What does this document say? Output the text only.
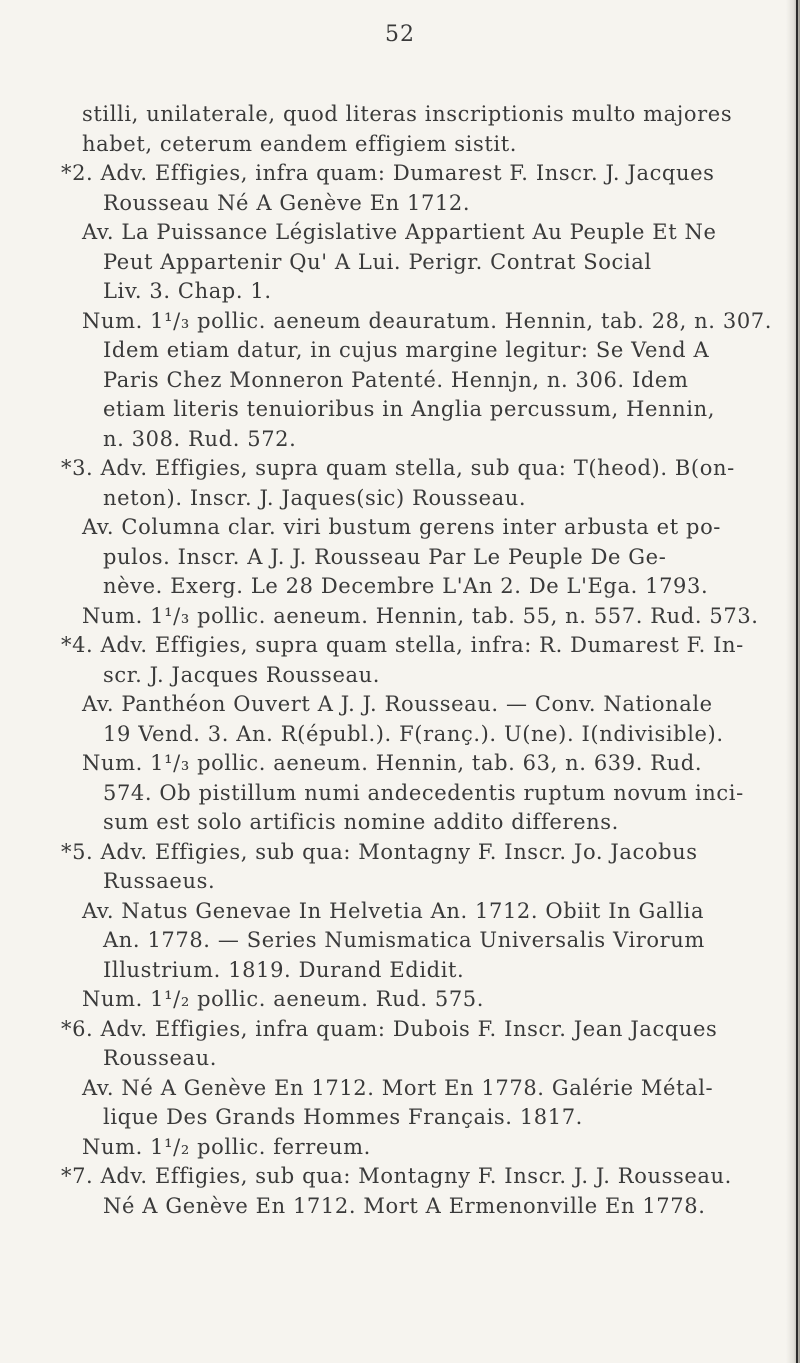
52
stilli, unilaterale, quod literas inscriptionis multo majores
habet, ceterum eandem effigiem sistit.
*2. Adv. Effigies, infra quam: Dumarest F. Inscr. J. Jacques
Rousseau Né A Genève En 1712.
Av. La Puissance Législative Appartient Au Peuple Et Ne
Peut Appartenir Qu' A Lui. Perigr. Contrat Social
Liv. 3. Chap. 1.
Num. 1¹/₃ pollic. aeneum deauratum. Hennin, tab. 28, n. 307.
Idem etiam datur, in cujus margine legitur: Se Vend A
Paris Chez Monneron Patenté. Hennjn, n. 306. Idem
etiam literis tenuioribus in Anglia percussum, Hennin,
n. 308. Rud. 572.
*3. Adv. Effigies, supra quam stella, sub qua: T(heod). B(on-
neton). Inscr. J. Jaques(sic) Rousseau.
Av. Columna clar. viri bustum gerens inter arbusta et po-
pulos. Inscr. A J. J. Rousseau Par Le Peuple De Ge-
nève. Exerg. Le 28 Decembre L'An 2. De L'Ega. 1793.
Num. 1¹/₃ pollic. aeneum. Hennin, tab. 55, n. 557. Rud. 573.
*4. Adv. Effigies, supra quam stella, infra: R. Dumarest F. In-
scr. J. Jacques Rousseau.
Av. Panthéon Ouvert A J. J. Rousseau. — Conv. Nationale
19 Vend. 3. An. R(épubl.). F(ranç.). U(ne). I(ndivisible).
Num. 1¹/₃ pollic. aeneum. Hennin, tab. 63, n. 639. Rud.
574. Ob pistillum numi andecedentis ruptum novum inci-
sum est solo artificis nomine addito differens.
*5. Adv. Effigies, sub qua: Montagny F. Inscr. Jo. Jacobus
Russaeus.
Av. Natus Genevae In Helvetia An. 1712. Obiit In Gallia
An. 1778. — Series Numismatica Universalis Virorum
Illustrium. 1819. Durand Edidit.
Num. 1¹/₂ pollic. aeneum. Rud. 575.
*6. Adv. Effigies, infra quam: Dubois F. Inscr. Jean Jacques
Rousseau.
Av. Né A Genève En 1712. Mort En 1778. Galérie Métal-
lique Des Grands Hommes Français. 1817.
Num. 1¹/₂ pollic. ferreum.
*7. Adv. Effigies, sub qua: Montagny F. Inscr. J. J. Rousseau.
Né A Genève En 1712. Mort A Ermenonville En 1778.
